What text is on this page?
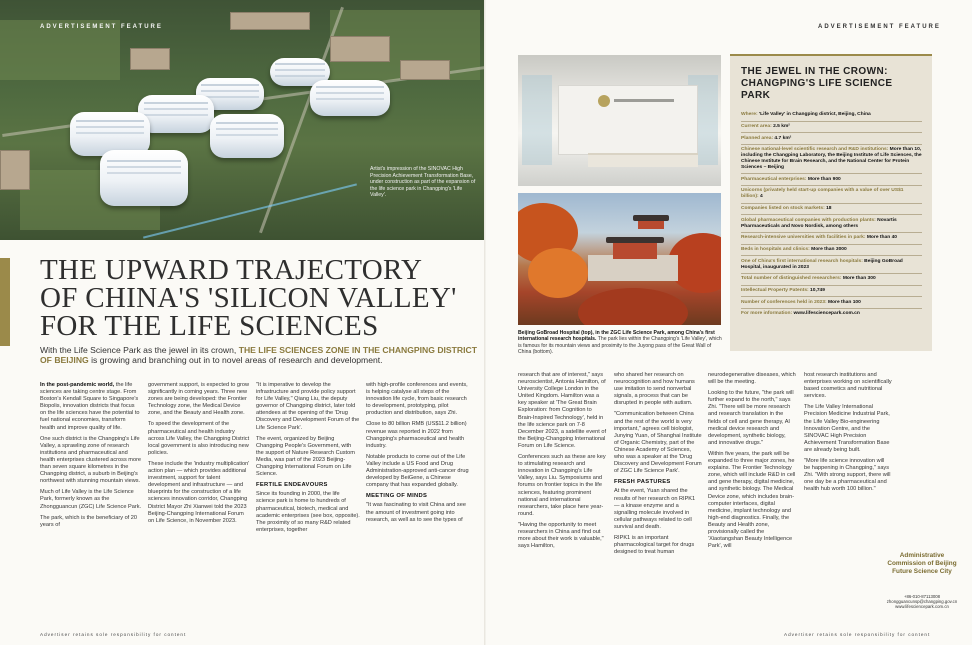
Artist's impression of the SINOVAC High Precision Achievement Transformation Base, under construction as part of the expansion of the life science park in Changping's 'Life Valley'.
ADVERTISEMENT FEATURE
THE UPWARD TRAJECTORY
OF CHINA'S 'SILICON VALLEY'
FOR THE LIFE SCIENCES
With the Life Science Park as the jewel in its crown, THE LIFE SCIENCES ZONE IN THE CHANGPING DISTRICT OF BEIJING is growing and branching out in to novel areas of research and development.

In the post-pandemic world, the life sciences are taking centre stage. From Boston's Kendall Square to Singapore's Biopolis, innovation districts that focus on the life sciences have the potential to fuel national economies, transform health and improve quality of life.

One such district is the Changping's Life Valley, a sprawling zone of research institutions and pharmaceutical and health enterprises clustered across more than seven square kilometres in the Changping district, a suburb in Beijing's northwest with stunning mountain views.

Much of Life Valley is the Life Science Park, formerly known as the Zhongguancun (ZGC) Life Science Park.

The park, which is the beneficiary of 20 years of

government support, is expected to grow significantly in coming years. Three new zones are being developed: the Frontier Technology zone, the Medical Device zone, and the Beauty and Health zone.

To speed the development of the pharmaceutical and health industry across Life Valley, the Changping District local government is also introducing new policies.

These include the 'industry multiplication' action plan — which provides additional investment, support for talent development and infrastructure — and blueprints for the construction of a life sciences innovation corridor, Changping District Mayor Zhi Xianwei told the 2023 Beijing-Changping International Forum on Life Science, in November 2023.

"It is imperative to develop the infrastructure and provide policy support for Life Valley," Qiang Liu, the deputy governor of Changping district, later told attendees at the opening of the 'Drug Discovery and Development Forum of the Life Science Park'.

The event, organized by Beijing Changping People's Government, with the support of Nature Research Custom Media, was part of the 2023 Beijing-Changping International Forum on Life Science.

FERTILE ENDEAVOURS

Since its founding in 2000, the life science park is home to hundreds of pharmaceutical, biotech, medical and academic enterprises (see box, opposite). The proximity of so many R&D related enterprises, together

with high-profile conferences and events, is helping catalyse all steps of the innovation life cycle, from basic research to development, prototyping, pilot production and distribution, says Zhi.

Close to 80 billion RMB (US$11.2 billion) revenue was reported in 2022 from Changping's pharmaceutical and health industry.

Notable products to come out of the Life Valley include a US Food and Drug Administration-approved anti-cancer drug developed by BeiGene, a Chinese company that has expanded globally.

MEETING OF MINDS

"It was fascinating to visit China and see the amount of investment going into research, as well as to see the types of

Advertiser retains sole responsibility for content
ADVERTISEMENT FEATURE
Beijing GoBroad Hospital (top), in the ZGC Life Science Park, among China's first international research hospitals. The park lies within the Changping's 'Life Valley', which is famous for its mountain views and proximity to the Juyong pass of the Great Wall of China (bottom).
THE JEWEL IN THE CROWN: CHANGPING'S LIFE SCIENCE PARK
Where: 'Life Valley' in Changping district, Beijing, China
Current area: 2.5 km²
Planned area: 4.7 km²
Chinese national-level scientific research and R&D institutions: More than 10, including the Changping Laboratory, the Beijing Institute of Life Sciences, the Chinese Institute for Brain Research, and the National Center for Protein Sciences – Beijing
Pharmaceutical enterprises: More than 900
Unicorns (privately held start-up companies with a value of over US$1 billion): 4
Companies listed on stock markets: 18
Global pharmaceutical companies with production plants: Novartis Pharmaceuticals and Novo Nordisk, among others
Research-intensive universities with facilities in park: More than 40
Beds in hospitals and clinics: More than 3000
One of China's first international research hospitals: Beijing GoBroad Hospital, inaugurated in 2023
Total number of distinguished researchers: More than 300
Intellectual Property Patents: 10,749
Number of conferences held in 2023: More than 100
For more information: www.lifesciencepark.com.cn

research that are of interest," says neuroscientist, Antonia Hamilton, of University College London in the United Kingdom. Hamilton was a key speaker at 'The Great Brain Exploration: from Cognition to Brain-Inspired Technology', held in the life science park on 7-8 December 2023, a satellite event of the Beijing-Changping International Forum on Life Science.

Conferences such as these are key to stimulating research and innovation in Changping's Life Valley, says Liu. Symposiums and forums on frontier topics in the life sciences, featuring prominent national and international researchers, take place here year-round.

"Having the opportunity to meet researchers in China and find out more about their work is valuable," says Hamilton,

who shared her research on neurocognition and how humans use imitation to send nonverbal signals, a process that can be disrupted in people with autism.

"Communication between China and the rest of the world is very important," agrees cell biologist, Junying Yuan, of Shanghai Institute of Organic Chemistry, part of the Chinese Academy of Sciences, who was a speaker at the 'Drug Discovery and Development Forum of ZGC Life Science Park'.

FRESH PASTURES

At the event, Yuan shared the results of her research on RIPK1 — a kinase enzyme and a signalling molecule involved in cellular pathways related to cell survival and death.

RIPK1 is an important pharmacological target for drugs designed to treat human

neurodegenerative diseases, which will be the meeting.

Looking to the future, "the park will further expand to the north," says Zhi. "There will be more research and research translation in the fields of cell and gene therapy, AI medical device research and development, synthetic biology, and innovative drugs."

Within five years, the park will be expanded to three major zones, he explains. The Frontier Technology zone, which will include R&D in cell and gene therapy, digital medicine, and synthetic biology. The Medical Device zone, which includes brain-computer interfaces, digital medicine, implant technology and high-end diagnostics. Finally, the Beauty and Health zone, provisionally called the 'Xiaotangshan Beauty Intelligence Park', will

host research institutions and enterprises working on scientifically based cosmetics and nutritional services.

The Life Valley International Precision Medicine Industrial Park, the Life Valley Bio-engineering Innovation Centre, and the SINOVAC High Precision Achievement Transformation Base are already being built.

"More life science innovation will be happening in Changping," says Zhi. "With strong support, there will one day be a pharmaceutical and health hub worth 100 billion."

Administrative Commission of Beijing Future Science City
+86-010-87113008
zhongguancunsp@changping.gov.cn
www.lifesciencepark.com.cn
Advertiser retains sole responsibility for content
